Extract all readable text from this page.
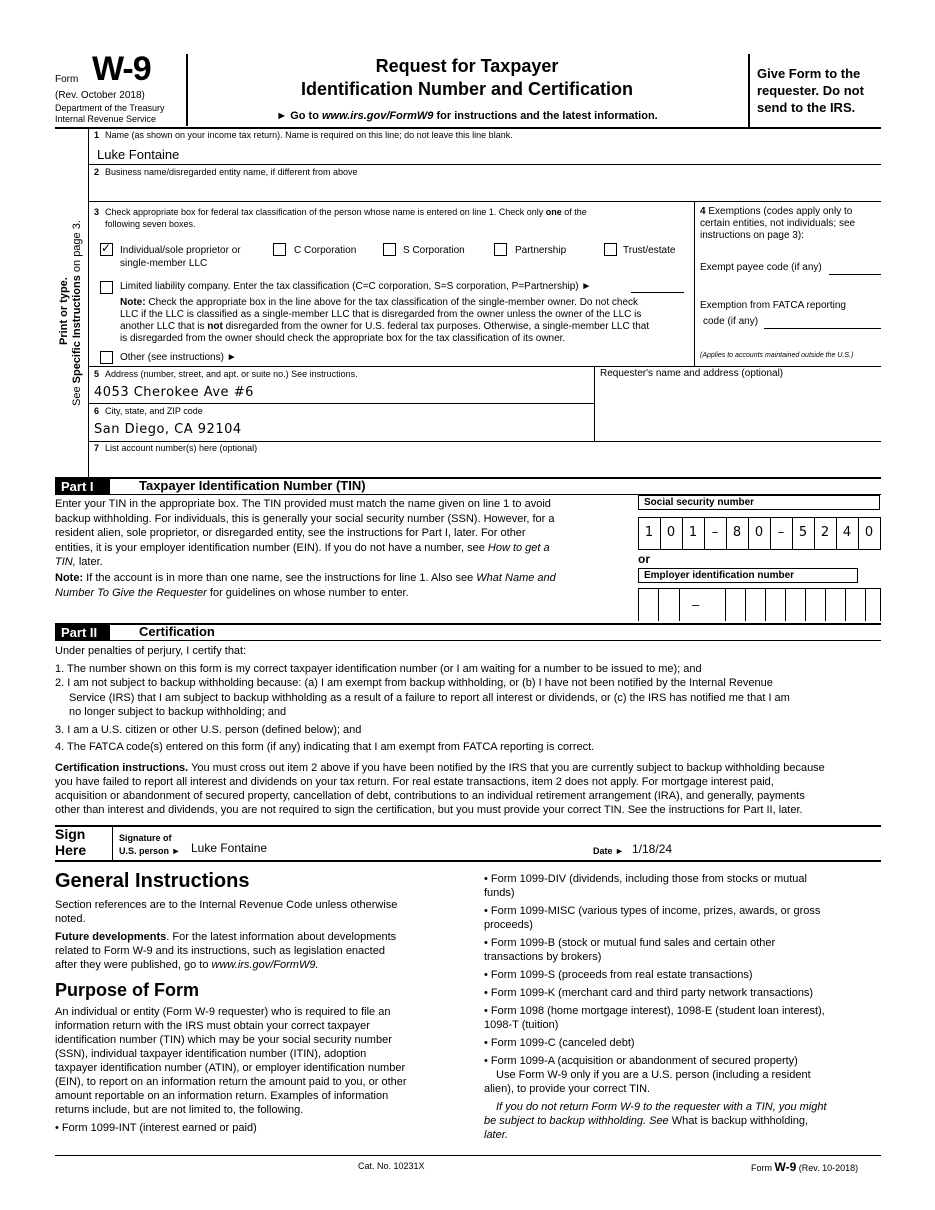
Form W-9
(Rev. October 2018)
Department of the Treasury
Internal Revenue Service
Request for Taxpayer
Identification Number and Certification
► Go to www.irs.gov/FormW9 for instructions and the latest information.
Give Form to the
requester. Do not
send to the IRS.
Print or type.
See Specific Instructions on page 3.
1 Name (as shown on your income tax return). Name is required on this line; do not leave this line blank.
Luke Fontaine
2 Business name/disregarded entity name, if different from above
3 Check appropriate box for federal tax classification of the person whose name is entered on line 1. Check only one of the
following seven boxes.
✓ Individual/sole proprietor or
single-member LLC
C Corporation	S Corporation	Partnership	Trust/estate
Limited liability company. Enter the tax classification (C=C corporation, S=S corporation, P=Partnership) ►
Note: Check the appropriate box in the line above for the tax classification of the single-member owner. Do not check
LLC if the LLC is classified as a single-member LLC that is disregarded from the owner unless the owner of the LLC is
another LLC that is not disregarded from the owner for U.S. federal tax purposes. Otherwise, a single-member LLC that
is disregarded from the owner should check the appropriate box for the tax classification of its owner.
Other (see instructions) ►
4 Exemptions (codes apply only to
certain entities, not individuals; see
instructions on page 3):
Exempt payee code (if any)
Exemption from FATCA reporting
code (if any)
(Applies to accounts maintained outside the U.S.)
5 Address (number, street, and apt. or suite no.) See instructions.
4053 Cherokee Ave #6
Requester's name and address (optional)
6 City, state, and ZIP code
San Diego, CA 92104
7 List account number(s) here (optional)
Part I	Taxpayer Identification Number (TIN)

Enter your TIN in the appropriate box. The TIN provided must match the name given on line 1 to avoid

backup withholding. For individuals, this is generally your social security number (SSN). However, for a

resident alien, sole proprietor, or disregarded entity, see the instructions for Part I, later. For other

entities, it is your employer identification number (EIN). If you do not have a number, see How to get a

TIN, later.

Note: If the account is in more than one name, see the instructions for line 1. Also see What Name and

Number To Give the Requester for guidelines on whose number to enter.

Social security number
1	0	1	–	8	0	–	5	2	4	0
or
Employer identification number
–
Part II	Certification

Under penalties of perjury, I certify that:

1. The number shown on this form is my correct taxpayer identification number (or I am waiting for a number to be issued to me); and

2. I am not subject to backup withholding because: (a) I am exempt from backup withholding, or (b) I have not been notified by the Internal Revenue

Service (IRS) that I am subject to backup withholding as a result of a failure to report all interest or dividends, or (c) the IRS has notified me that I am

no longer subject to backup withholding; and

3. I am a U.S. citizen or other U.S. person (defined below); and

4. The FATCA code(s) entered on this form (if any) indicating that I am exempt from FATCA reporting is correct.

Certification instructions. You must cross out item 2 above if you have been notified by the IRS that you are currently subject to backup withholding because

you have failed to report all interest and dividends on your tax return. For real estate transactions, item 2 does not apply. For mortgage interest paid,

acquisition or abandonment of secured property, cancellation of debt, contributions to an individual retirement arrangement (IRA), and generally, payments

other than interest and dividends, you are not required to sign the certification, but you must provide your correct TIN. See the instructions for Part II, later.

Sign
Here
Signature of
U.S. person ► Luke Fontaine	Date ► 1/18/24
General Instructions

Section references are to the Internal Revenue Code unless otherwise

noted.

Future developments. For the latest information about developments

related to Form W-9 and its instructions, such as legislation enacted

after they were published, go to www.irs.gov/FormW9.

Purpose of Form

An individual or entity (Form W-9 requester) who is required to file an

information return with the IRS must obtain your correct taxpayer

identification number (TIN) which may be your social security number

(SSN), individual taxpayer identification number (ITIN), adoption

taxpayer identification number (ATIN), or employer identification number

(EIN), to report on an information return the amount paid to you, or other

amount reportable on an information return. Examples of information

returns include, but are not limited to, the following.

• Form 1099-INT (interest earned or paid)

• Form 1099-DIV (dividends, including those from stocks or mutual

funds)

• Form 1099-MISC (various types of income, prizes, awards, or gross

proceeds)

• Form 1099-B (stock or mutual fund sales and certain other

transactions by brokers)

• Form 1099-S (proceeds from real estate transactions)

• Form 1099-K (merchant card and third party network transactions)

• Form 1098 (home mortgage interest), 1098-E (student loan interest),

1098-T (tuition)

• Form 1099-C (canceled debt)

• Form 1099-A (acquisition or abandonment of secured property)

Use Form W-9 only if you are a U.S. person (including a resident

alien), to provide your correct TIN.

If you do not return Form W-9 to the requester with a TIN, you might

be subject to backup withholding. See What is backup withholding,

later.

Cat. No. 10231X	Form W-9 (Rev. 10-2018)
